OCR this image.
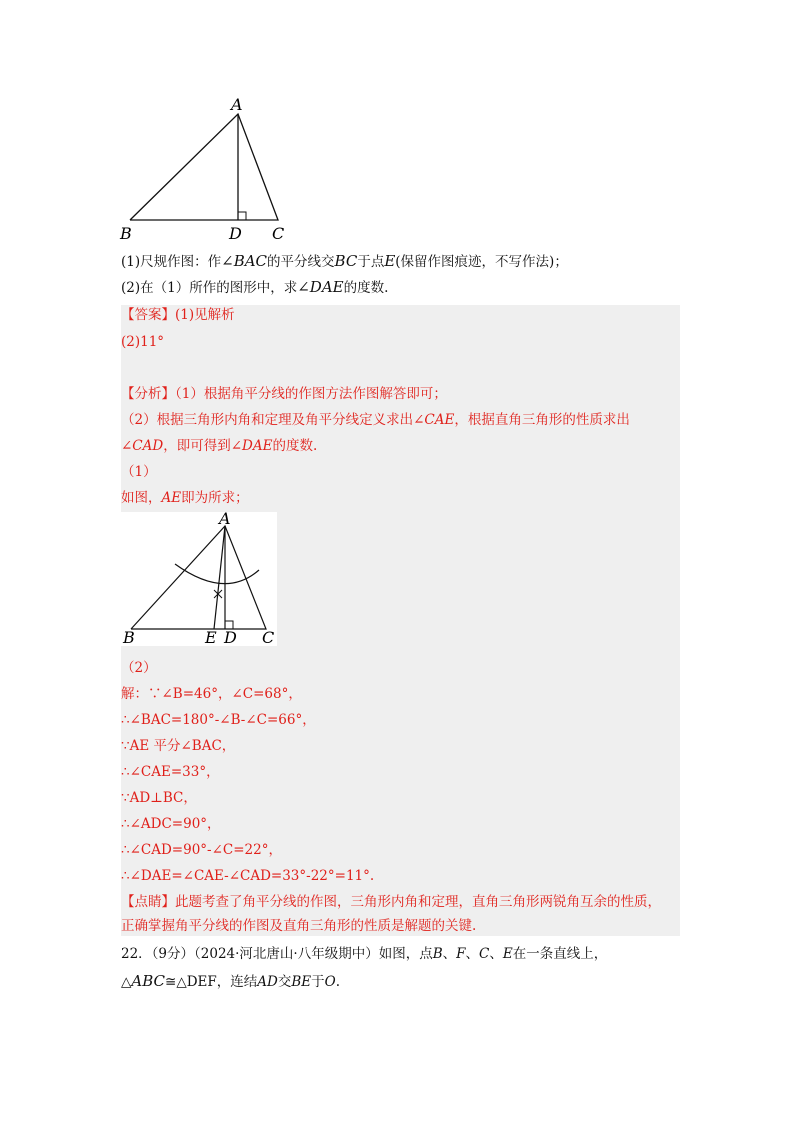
A
B	D C
(1)尺规作图：作∠BAC的平分线交BC于点E(保留作图痕迹，不写作法)；
(2)在（1）所作的图形中，求∠DAE的度数.
【答案】(1)见解析
(2)11°
【分析】（1）根据角平分线的作图方法作图解答即可；
（2）根据三角形内角和定理及角平分线定义求出∠CAE，根据直角三角形的性质求出
∠CAD，即可得到∠DAE的度数.
（1）
如图，AE即为所求；
A
B	E D C
（2）
解：∵∠B=46°，∠C=68°，
∴∠BAC=180°-∠B-∠C=66°，
∵AE 平分∠BAC，
∴∠CAE=33°，
∵AD⊥BC，
∴∠ADC=90°，
∴∠CAD=90°-∠C=22°，
∴∠DAE=∠CAE-∠CAD=33°-22°=11°.
【点睛】此题考查了角平分线的作图，三角形内角和定理，直角三角形两锐角互余的性质，
正确掌握角平分线的作图及直角三角形的性质是解题的关键.
22．（9分）（2024·河北唐山·八年级期中）如图，点B、F、C、E在一条直线上，
△ABC≅△DEF，连结AD交BE于O.
